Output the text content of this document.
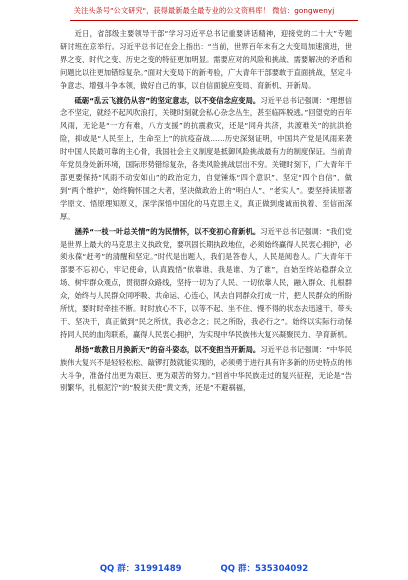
关注头条号"公文研究"，获得最新最全最专业的公文资料库！ 微信：gongwenyj

近日，省部级主要领导干部“学习习近平总书记重要讲话精神，迎接党的二十大”专题研讨班在京举行。习近平总书记在会上指出：“当前，世界百年未有之大变局加速演进，世界之变、时代之变、历史之变的特征更加明显。需要应对的风险和挑战、需要解决的矛盾和问题比以往更加错综复杂。”面对大变局下的新考验，广大青年干部要敢于直面挑战，坚定斗争意志、增强斗争本领，做好自己的事，以自信面貌应变局、育新机、开新局。

砥砺“乱云飞渡仍从容”的坚定意志，以不变信念应变局。习近平总书记强调：“理想信念不坚定，就经不起风吹浪打，关键时刻就会私心杂念丛生，甚至临阵脱逃。”回望党的百年风雨，无论是“一方有难，八方支援”的抗震救灾，还是“同舟共济，共渡难关”的抗洪抢险，抑或是“人民至上，生命至上”的抗疫奋战……历史深刻证明，中国共产党是风雨来袭时中国人民最可靠的主心骨，我国社会主义制度是抵御风险挑战最有力的制度保证。当前青年党员身处新环境，国际形势错综复杂，各类风险挑战层出不穷。关键时刻下，广大青年干部更要保持“风雨不动安如山”的政治定力，自觉锤炼“四个意识”、坚定“四个自信”、做到“两个维护”，始终胸怀国之大者，坚决做政治上的“明白人”、“老实人”。要坚持读原著学原文、悟原理知原义，深学深悟中国化的马克思主义，真正做到虔诚而执着、至信而深厚。

涵养“一枝一叶总关情”的为民情怀，以不变初心育新机。习近平总书记强调：“我们党是世界上最大的马克思主义执政党，要巩固长期执政地位，必须始终赢得人民衷心拥护，必须永葆“赶考”的清醒和坚定。”时代是出题人，我们是答卷人，人民是阅卷人。广大青年干部要不忘初心，牢记使命，认真践悟“依靠谁、我是谁、为了谁”，自始至终站稳群众立场、树牢群众观点，贯彻群众路线，坚持一切为了人民、一切依靠人民，融入群众、扎根群众，始终与人民群众同呼吸、共命运、心连心，风去自同群众打成一片，把人民群众的所盼所忧，要时时牵挂不断。时时放心不下，以等不起、坐不住、慢不得的状态去迅速干、带头干、坚决干，真正做到“民之所忧，我必念之；民之所盼，我必行之”。始终以实际行动保持同人民的血肉联系，赢得人民衷心拥护，为实现中华民族伟大复兴凝聚民力、孕育新机。

昂扬“敢教日月换新天”的奋斗姿态，以不变担当开新局。习近平总书记强调：“中华民族伟大复兴不是轻轻松松、敲锣打鼓就能实现的，必须勇于进行具有许多新的历史特点的伟大斗争，准备付出更为艰巨、更为艰苦的努力。”回首中华民族走过的复兴征程，无论是“告别繁华，扎根泥泞”的“脱贫天使”黄文秀，还是“不避祸福，

QQ 群：31991489	QQ 群：535304092
